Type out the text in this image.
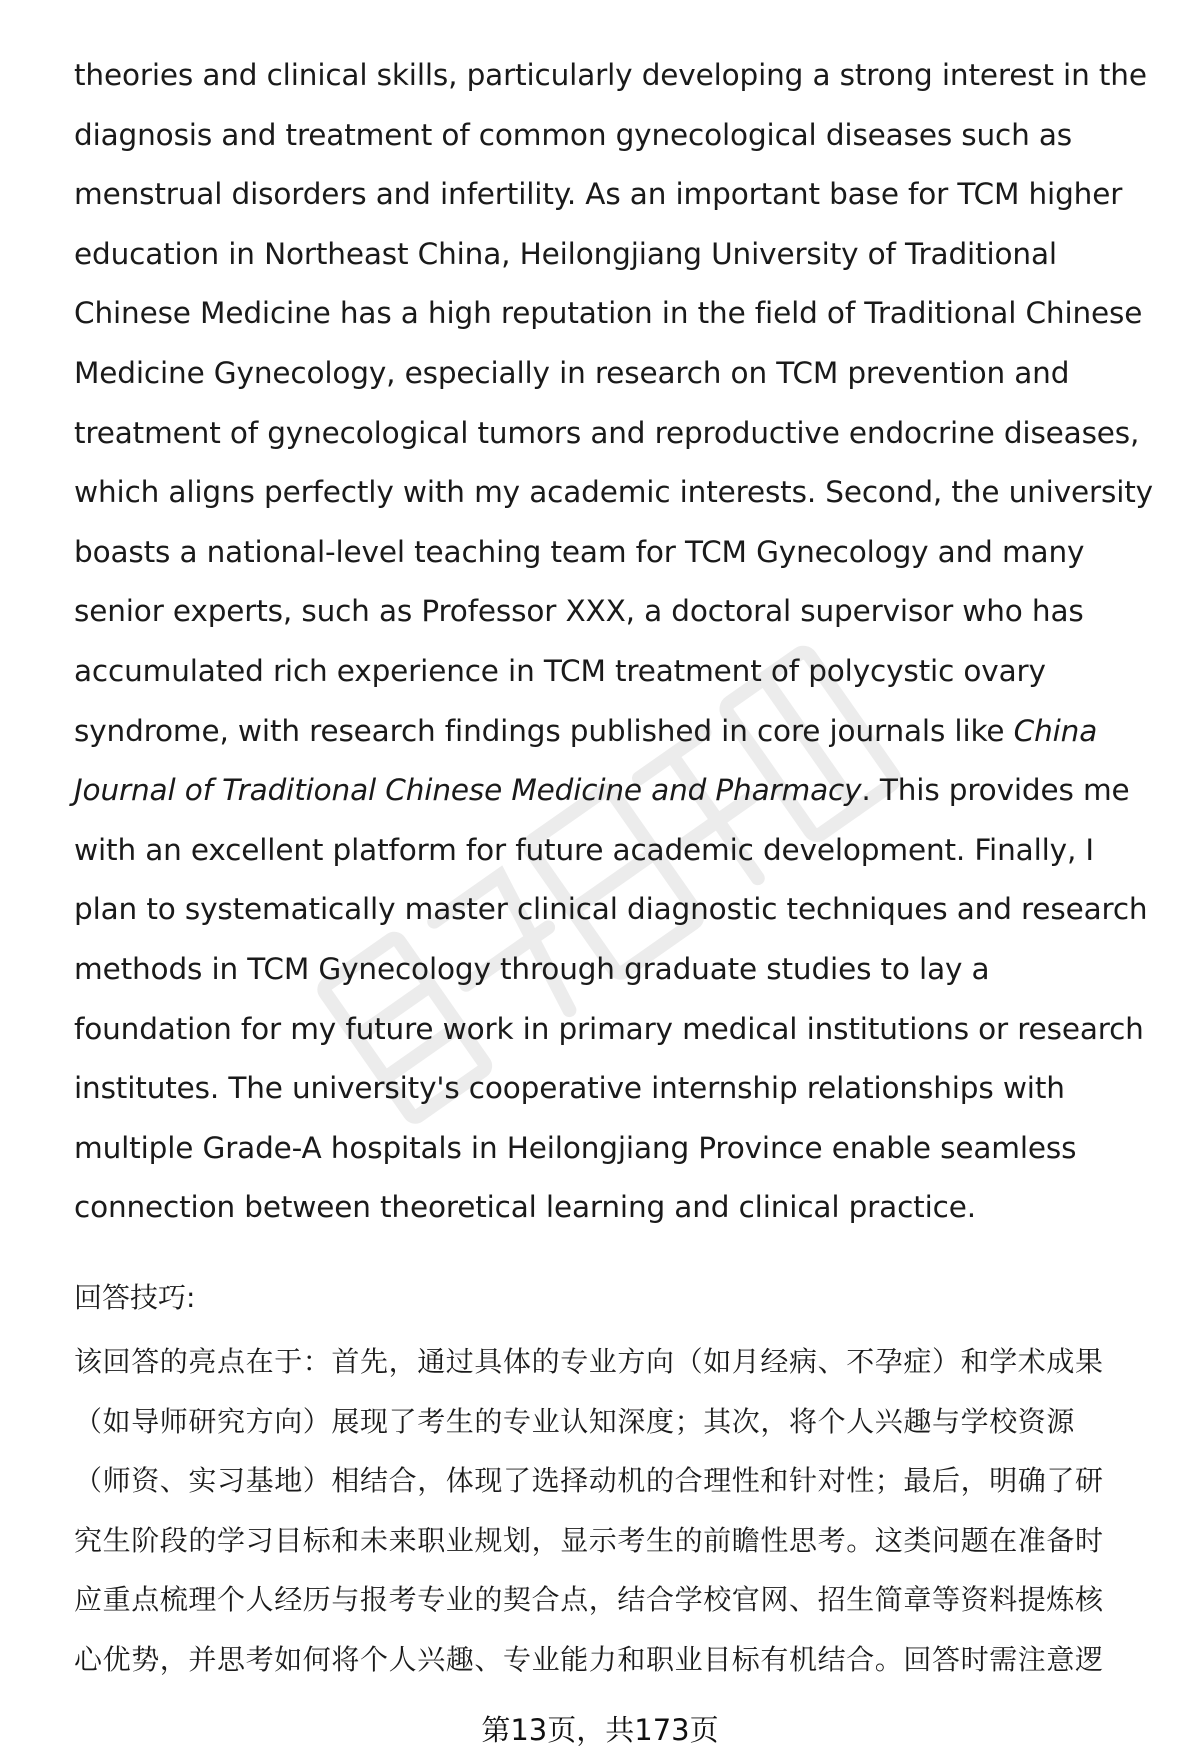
theories and clinical skills, particularly developing a strong interest in the diagnosis and treatment of common gynecological diseases such as menstrual disorders and infertility. As an important base for TCM higher education in Northeast China, Heilongjiang University of Traditional Chinese Medicine has a high reputation in the field of Traditional Chinese Medicine Gynecology, especially in research on TCM prevention and treatment of gynecological tumors and reproductive endocrine diseases, which aligns perfectly with my academic interests. Second, the university boasts a national-level teaching team for TCM Gynecology and many senior experts, such as Professor XXX, a doctoral supervisor who has accumulated rich experience in TCM treatment of polycystic ovary syndrome, with research findings published in core journals like China Journal of Traditional Chinese Medicine and Pharmacy. This provides me with an excellent platform for future academic development. Finally, I plan to systematically master clinical diagnostic techniques and research methods in TCM Gynecology through graduate studies to lay a foundation for my future work in primary medical institutions or research institutes. The university's cooperative internship relationships with multiple Grade-A hospitals in Heilongjiang Province enable seamless connection between theoretical learning and clinical practice.

回答技巧:

该回答的亮点在于：首先，通过具体的专业方向（如月经病、不孕症）和学术成果
（如导师研究方向）展现了考生的专业认知深度；其次，将个人兴趣与学校资源
（师资、实习基地）相结合，体现了选择动机的合理性和针对性；最后，明确了研
究生阶段的学习目标和未来职业规划，显示考生的前瞻性思考。这类问题在准备时
应重点梳理个人经历与报考专业的契合点，结合学校官网、招生简章等资料提炼核
心优势，并思考如何将个人兴趣、专业能力和职业目标有机结合。回答时需注意逻

第13页，共173页
